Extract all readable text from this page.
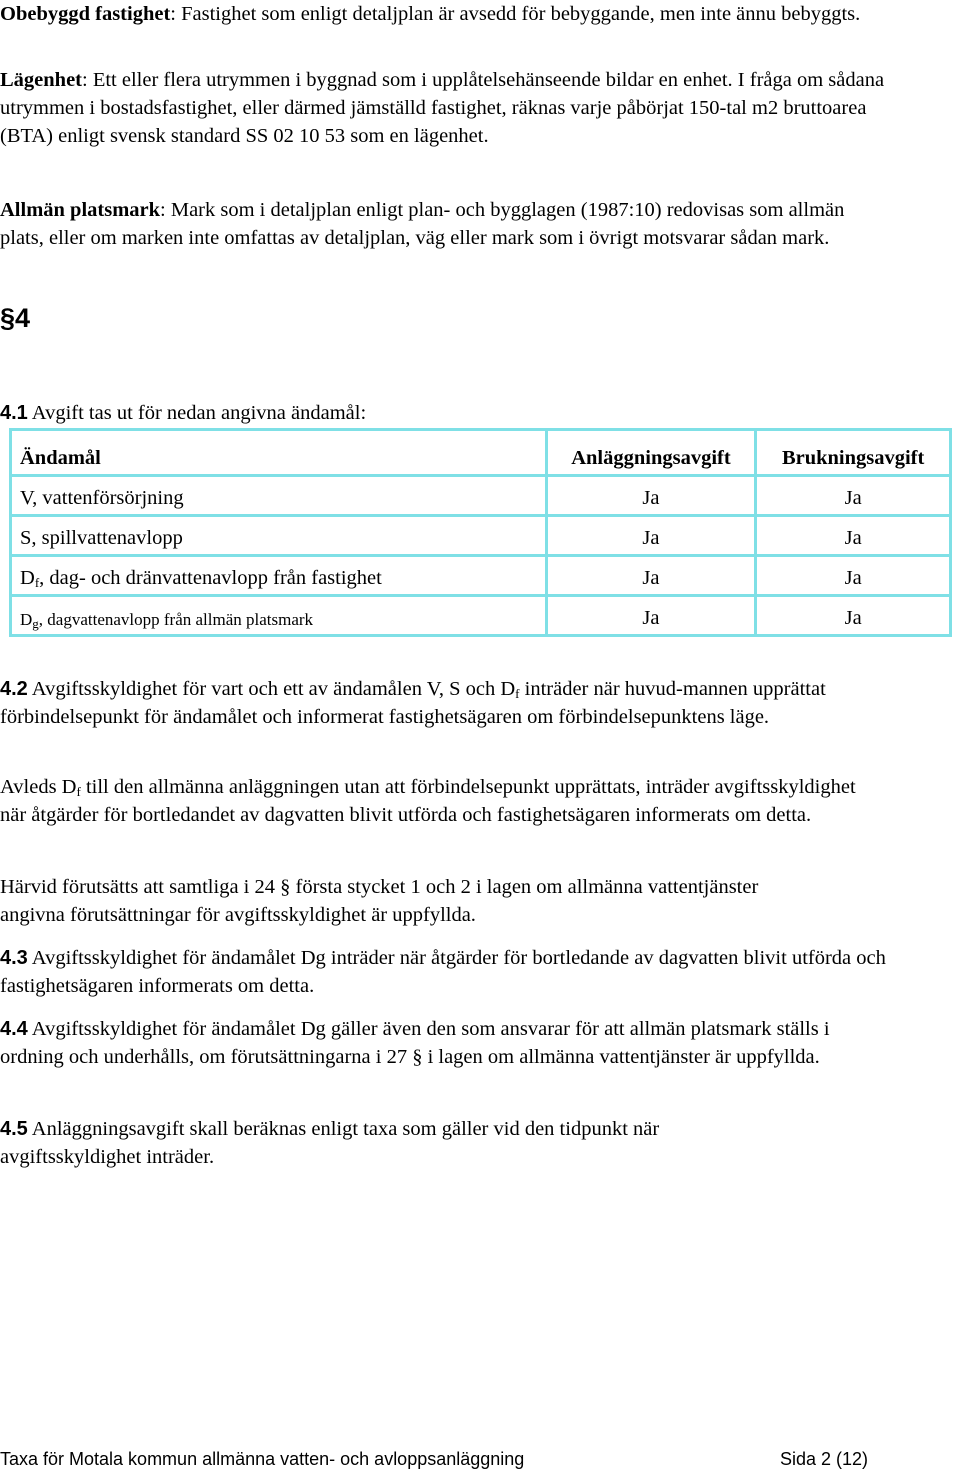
Obebyggd fastighet: Fastighet som enligt detaljplan är avsedd för bebyggande, men inte ännu bebyggts.

Lägenhet: Ett eller flera utrymmen i byggnad som i upplåtelsehänseende bildar en enhet. I fråga om sådana utrymmen i bostadsfastighet, eller därmed jämställd fastighet, räknas varje påbörjat 150-tal m2 bruttoarea (BTA) enligt svensk standard SS 02 10 53 som en lägenhet.

Allmän platsmark: Mark som i detaljplan enligt plan- och bygglagen (1987:10) redovisas som allmän plats, eller om marken inte omfattas av detaljplan, väg eller mark som i övrigt motsvarar sådan mark.

§4

4.1 Avgift tas ut för nedan angivna ändamål:

Ändamål	Anläggningsavgift	Brukningsavgift
V, vattenförsörjning	Ja	Ja
S, spillvattenavlopp	Ja	Ja
$D_f$, dag- och dränvattenavlopp från fastighet	Ja	Ja
$D_g$, dagvattenavlopp från allmän platsmark	Ja	Ja

4.2 Avgiftsskyldighet för vart och ett av ändamålen V, S och $D_f$ inträder när huvud-mannen upprättat förbindelsepunkt för ändamålet och informerat fastighetsägaren om förbindelsepunktens läge.

Avleds $D_f$ till den allmänna anläggningen utan att förbindelsepunkt upprättats, inträder avgiftsskyldighet när åtgärder för bortledandet av dagvatten blivit utförda och fastighetsägaren informerats om detta.

Härvid förutsätts att samtliga i 24 § första stycket 1 och 2 i lagen om allmänna vattentjänster angivna förutsättningar för avgiftsskyldighet är uppfyllda.

4.3 Avgiftsskyldighet för ändamålet Dg inträder när åtgärder för bortledande av dagvatten blivit utförda och fastighetsägaren informerats om detta.

4.4 Avgiftsskyldighet för ändamålet Dg gäller även den som ansvarar för att allmän platsmark ställs i ordning och underhålls, om förutsättningarna i 27 § i lagen om allmänna vattentjänster är uppfyllda.

4.5 Anläggningsavgift skall beräknas enligt taxa som gäller vid den tidpunkt när avgiftsskyldighet inträder.

Taxa för Motala kommun allmänna vatten- och avloppsanläggning	Sida 2 (12)
